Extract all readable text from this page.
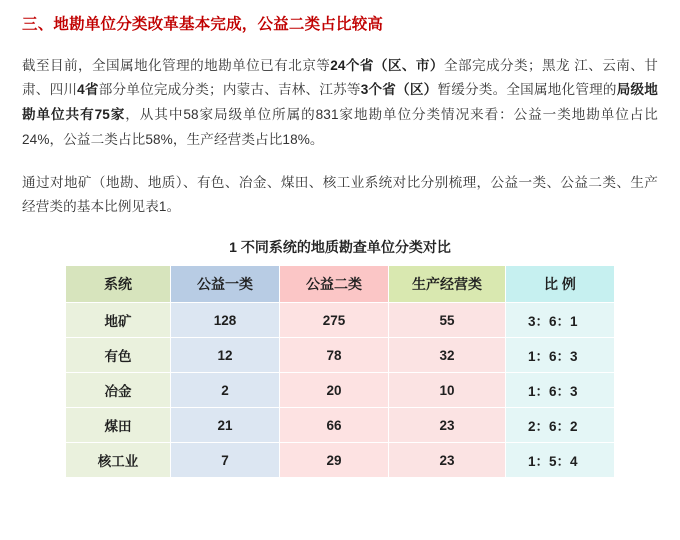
三、地勘单位分类改革基本完成，公益二类占比较高

截至目前，全国属地化管理的地勘单位已有北京等24个省（区、市）全部完成分类；黑龙 江、云南、甘肃、四川4省部分单位完成分类；内蒙古、吉林、江苏等3个省（区）暂缓分类。全国属地化管理的局级地勘单位共有75家，从其中58家局级单位所属的831家地勘单位分类情况来看：公益一类地勘单位占比24%，公益二类占比58%，生产经营类占比18%。

通过对地矿（地勘、地质）、有色、冶金、煤田、核工业系统对比分别梳理，公益一类、公益二类、生产经营类的基本比例见表1。

1 不同系统的地质勘查单位分类对比
系统	公益一类	公益二类	生产经营类	比 例
地矿	128	275	55	3：6：1
有色	12	78	32	1：6：3
冶金	2	20	10	1：6：3
煤田	21	66	23	2：6：2
核工业	7	29	23	1：5：4
